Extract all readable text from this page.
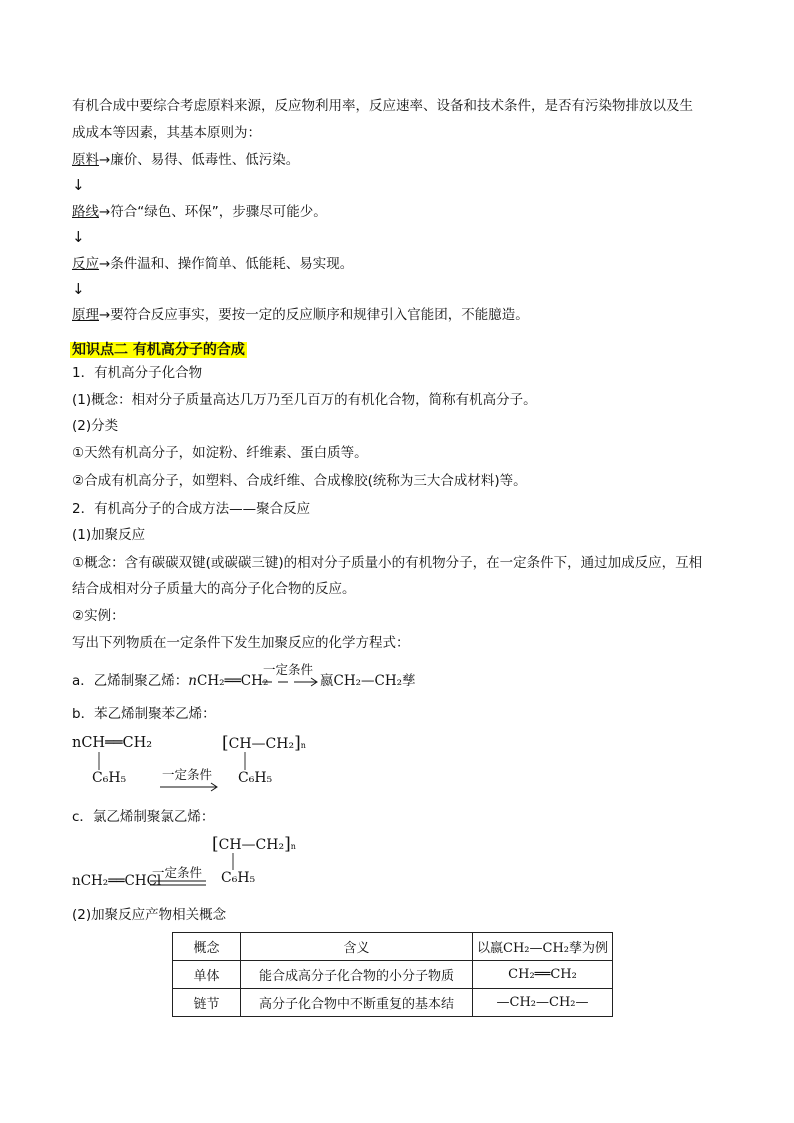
有机合成中要综合考虑原料来源，反应物利用率，反应速率、设备和技术条件，是否有污染物排放以及生
成成本等因素，其基本原则为：
原料→廉价、易得、低毒性、低污染。
↓
路线→符合“绿色、环保”，步骤尽可能少。
↓
反应→条件温和、操作简单、低能耗、易实现。
↓
原理→要符合反应事实，要按一定的反应顺序和规律引入官能团，不能臆造。
知识点二 有机高分子的合成
1．有机高分子化合物
(1)概念：相对分子质量高达几万乃至几百万的有机化合物，简称有机高分子。
(2)分类
①天然有机高分子，如淀粉、纤维素、蛋白质等。
②合成有机高分子，如塑料、合成纤维、合成橡胶(统称为三大合成材料)等。
2．有机高分子的合成方法——聚合反应
(1)加聚反应
①概念：含有碳碳双键(或碳碳三键)的相对分子质量小的有机物分子，在一定条件下，通过加成反应，互相
结合成相对分子质量大的高分子化合物的反应。
②实例：
写出下列物质在一定条件下发生加聚反应的化学方程式：
a．乙烯制聚乙烯：nCH₂══CH₂
一定条件
嬴CH₂—CH₂孳
b．苯乙烯制聚苯乙烯：
nCH══CH₂
C₆H₅	一定条件
[CH—CH₂]n
C₆H₅
c．氯乙烯制聚氯乙烯：
[CH—CH₂]n
C₆H₅
一定条件
nCH₂══CHCl
(2)加聚反应产物相关概念
概念	含义	以嬴CH₂—CH₂孳为例
单体	能合成高分子化合物的小分子物质	CH₂══CH₂
链节	高分子化合物中不断重复的基本结	—CH₂—CH₂—
